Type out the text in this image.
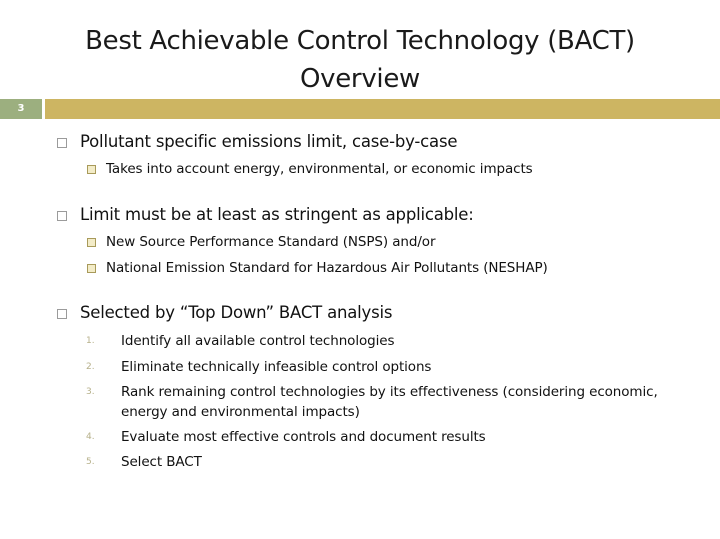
Best Achievable Control Technology (BACT)
Overview
3
Pollutant specific emissions limit, case-by-case
Takes into account energy, environmental, or economic impacts
Limit must be at least as stringent as applicable:
New Source Performance Standard (NSPS) and/or
National Emission Standard for Hazardous Air Pollutants (NESHAP)
Selected by “Top Down” BACT analysis
1. Identify all available control technologies
2. Eliminate technically infeasible control options
3. Rank remaining control technologies by its effectiveness (considering economic,
energy and environmental impacts)
4. Evaluate most effective controls and document results
5. Select BACT
